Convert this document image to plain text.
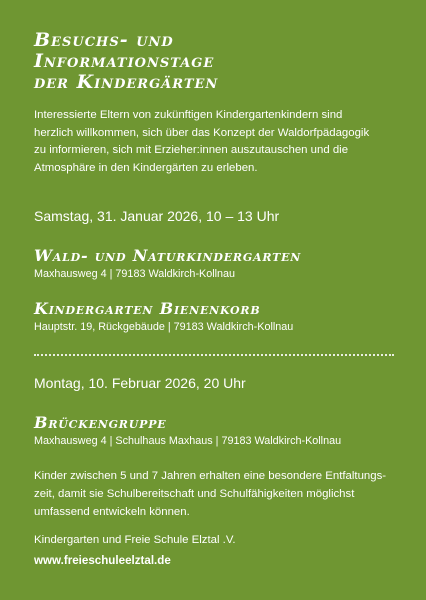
Besuchs- und
Informationstage
der Kindergärten

Interessierte Eltern von zukünftigen Kindergartenkindern sind
herzlich willkommen, sich über das Konzept der Waldorfpädagogik
zu informieren, sich mit Erzieher:innen auszutauschen und die
Atmosphäre in den Kindergärten zu erleben.

Samstag, 31. Januar 2026, 10 – 13 Uhr

Wald- und Naturkindergarten

Maxhausweg 4 | 79183 Waldkirch-Kollnau

Kindergarten Bienenkorb

Hauptstr. 19, Rückgebäude | 79183 Waldkirch-Kollnau

Montag, 10. Februar 2026, 20 Uhr

Brückengruppe

Maxhausweg 4 | Schulhaus Maxhaus | 79183 Waldkirch-Kollnau

Kinder zwischen 5 und 7 Jahren erhalten eine besondere Entfaltungs-
zeit, damit sie Schulbereitschaft und Schulfähigkeiten möglichst
umfassend entwickeln können.

Kindergarten und Freie Schule Elztal .V.

www.freieschuleelztal.de
